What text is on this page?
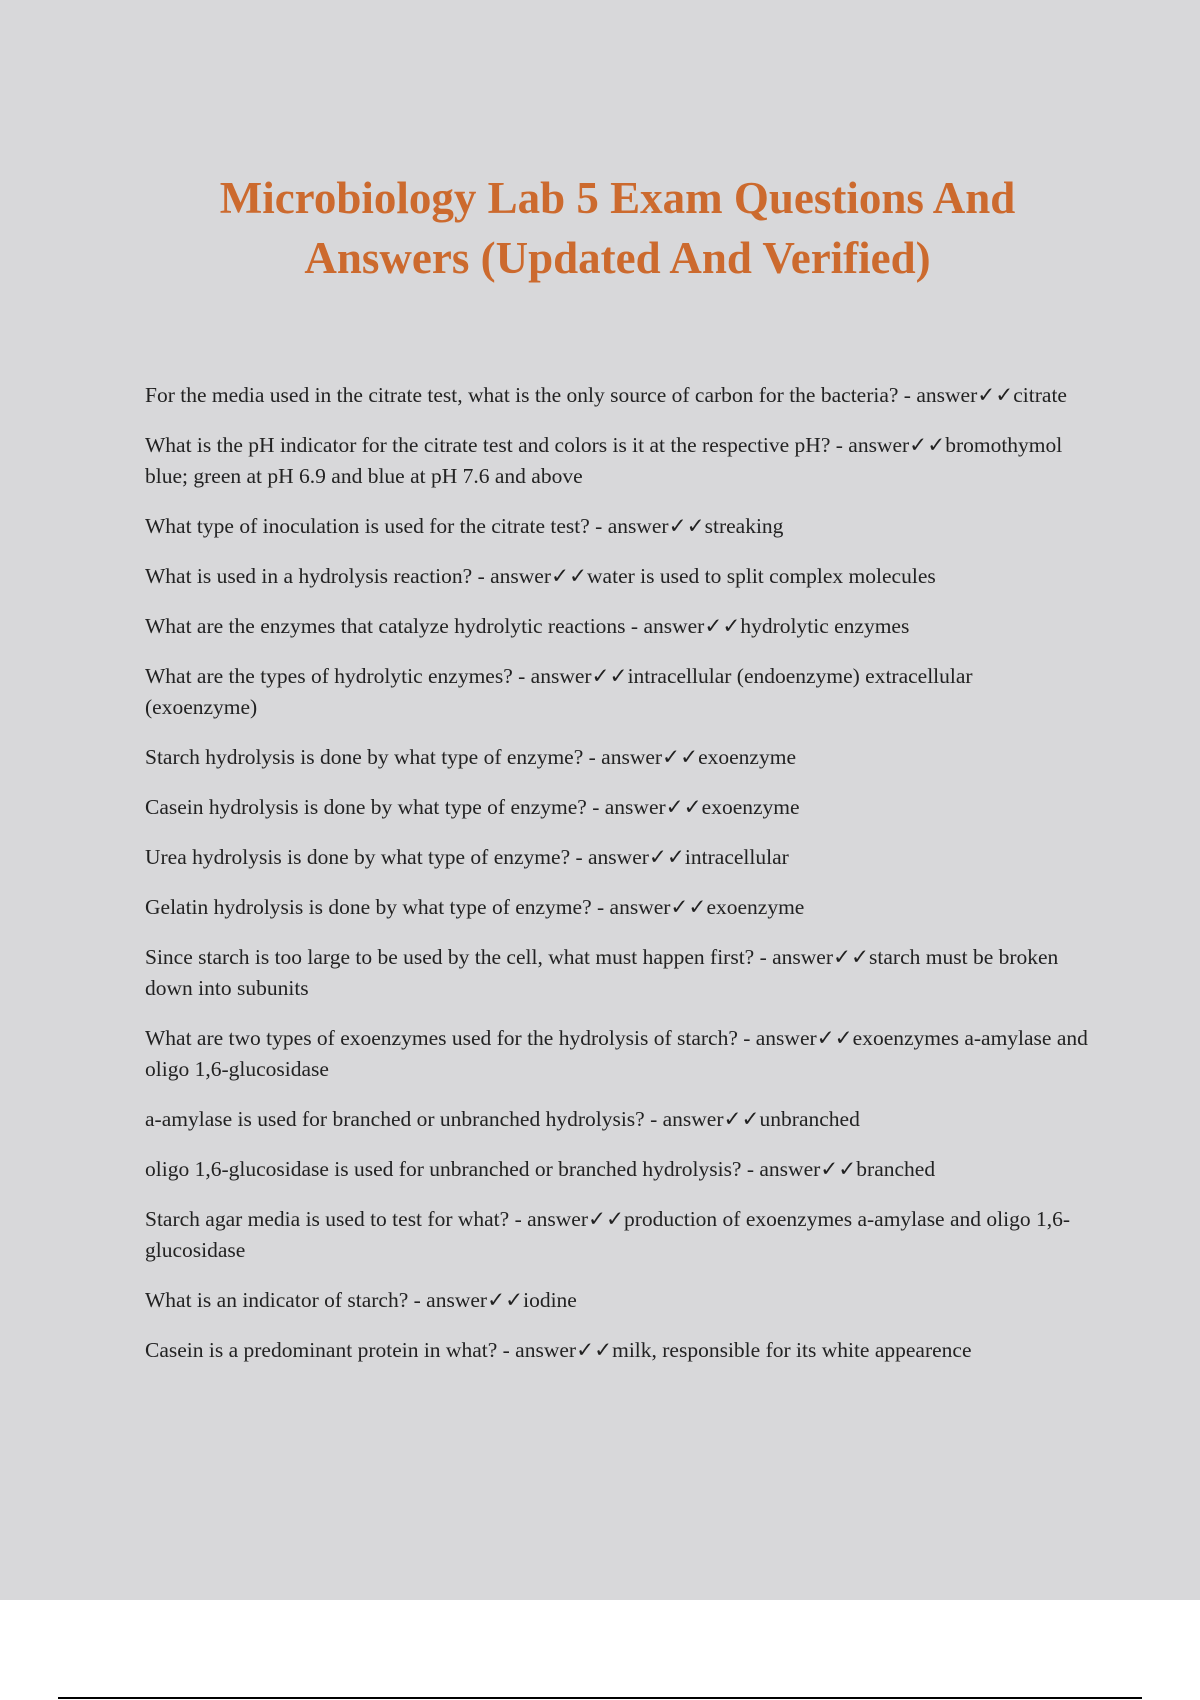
Microbiology Lab 5 Exam Questions And Answers (Updated And Verified)
For the media used in the citrate test, what is the only source of carbon for the bacteria? - answer✓✓citrate
What is the pH indicator for the citrate test and colors is it at the respective pH? - answer✓✓bromothymol blue; green at pH 6.9 and blue at pH 7.6 and above
What type of inoculation is used for the citrate test? - answer✓✓streaking
What is used in a hydrolysis reaction? - answer✓✓water is used to split complex molecules
What are the enzymes that catalyze hydrolytic reactions - answer✓✓hydrolytic enzymes
What are the types of hydrolytic enzymes? - answer✓✓intracellular (endoenzyme) extracellular (exoenzyme)
Starch hydrolysis is done by what type of enzyme? - answer✓✓exoenzyme
Casein hydrolysis is done by what type of enzyme? - answer✓✓exoenzyme
Urea hydrolysis is done by what type of enzyme? - answer✓✓intracellular
Gelatin hydrolysis is done by what type of enzyme? - answer✓✓exoenzyme
Since starch is too large to be used by the cell, what must happen first? - answer✓✓starch must be broken down into subunits
What are two types of exoenzymes used for the hydrolysis of starch? - answer✓✓exoenzymes a-amylase and oligo 1,6-glucosidase
a-amylase is used for branched or unbranched hydrolysis? - answer✓✓unbranched
oligo 1,6-glucosidase is used for unbranched or branched hydrolysis? - answer✓✓branched
Starch agar media is used to test for what? - answer✓✓production of exoenzymes a-amylase and oligo 1,6-glucosidase
What is an indicator of starch? - answer✓✓iodine
Casein is a predominant protein in what? - answer✓✓milk, responsible for its white appearence
